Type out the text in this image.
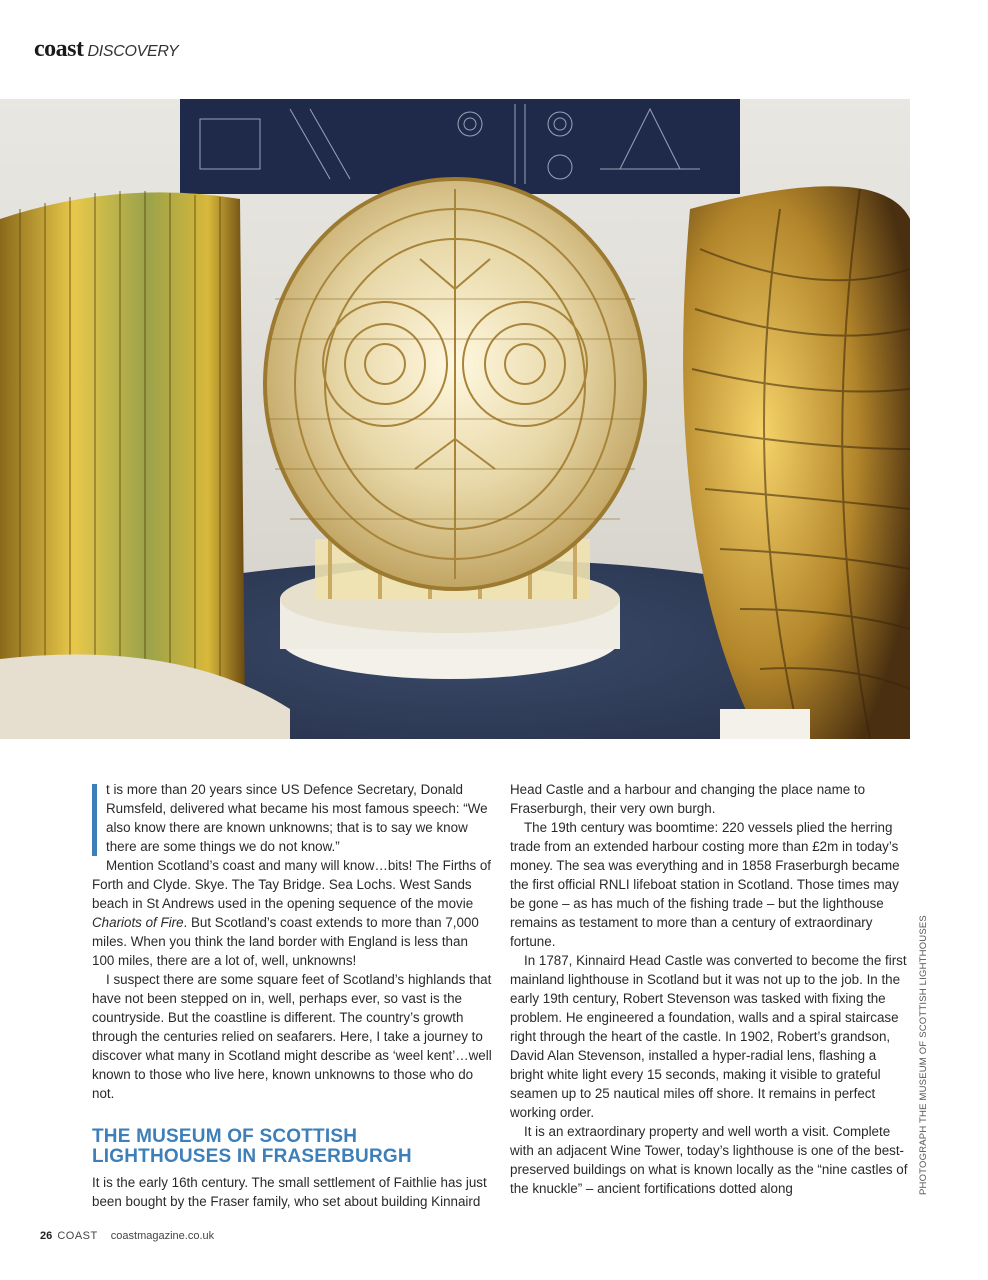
coast DISCOVERY

t is more than 20 years since US Defence Secretary, Donald Rumsfeld, delivered what became his most famous speech: “We also know there are known unknowns; that is to say we know there are some things we do not know.”

Mention Scotland’s coast and many will know…bits! The Firths of Forth and Clyde. Skye. The Tay Bridge. Sea Lochs. West Sands beach in St Andrews used in the opening sequence of the movie Chariots of Fire. But Scotland’s coast extends to more than 7,000 miles. When you think the land border with England is less than 100 miles, there are a lot of, well, unknowns!

I suspect there are some square feet of Scotland’s highlands that have not been stepped on in, well, perhaps ever, so vast is the countryside. But the coastline is different. The country’s growth through the centuries relied on seafarers. Here, I take a journey to discover what many in Scotland might describe as ‘weel kent’…well known to those who live here, known unknowns to those who do not.

THE MUSEUM OF SCOTTISH LIGHTHOUSES IN FRASERBURGH

It is the early 16th century. The small settlement of Faithlie has just been bought by the Fraser family, who set about building Kinnaird

Head Castle and a harbour and changing the place name to Fraserburgh, their very own burgh.

The 19th century was boomtime: 220 vessels plied the herring trade from an extended harbour costing more than £2m in today’s money. The sea was everything and in 1858 Fraserburgh became the first official RNLI lifeboat station in Scotland. Those times may be gone – as has much of the fishing trade – but the lighthouse remains as testament to more than a century of extraordinary fortune.

In 1787, Kinnaird Head Castle was converted to become the first mainland lighthouse in Scotland but it was not up to the job. In the early 19th century, Robert Stevenson was tasked with fixing the problem. He engineered a foundation, walls and a spiral staircase right through the heart of the castle. In 1902, Robert’s grandson, David Alan Stevenson, installed a hyper-radial lens, flashing a bright white light every 15 seconds, making it visible to grateful seamen up to 25 nautical miles off shore. It remains in perfect working order.

It is an extraordinary property and well worth a visit. Complete with an adjacent Wine Tower, today’s lighthouse is one of the best-preserved buildings on what is known locally as the “nine castles of the knuckle” – ancient fortifications dotted along	PHOTOGRAPH THE MUSEUM OF SCOTTISH LIGHTHOUSES
26 COAST coastmagazine.co.uk
